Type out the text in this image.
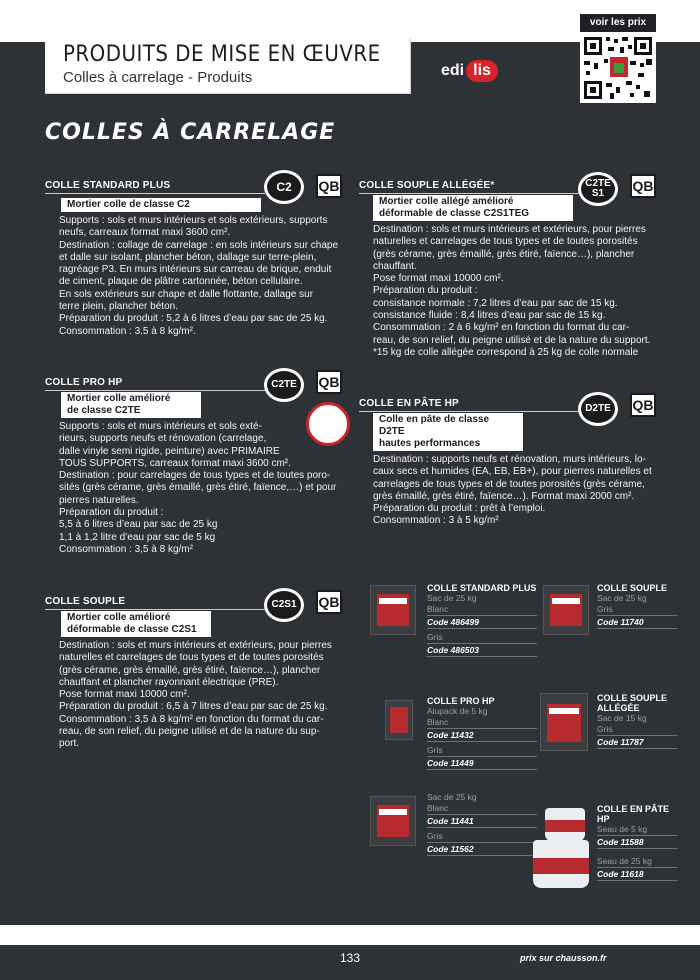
PRODUITS DE MISE EN ŒUVRE
Colles à carrelage - Produits	edi lis
voir les prix
COLLES À CARRELAGE
COLLE STANDARD PLUS
Mortier colle de classe C2

Supports : sols et murs intérieurs et sols extérieurs, supports

neufs, carreaux format maxi 3600 cm².

Destination : collage de carrelage : en sols intérieurs sur chape

et dalle sur isolant, plancher béton, dallage sur terre-plein,

ragréage P3. En murs intérieurs sur carreau de brique, enduit

de ciment, plaque de plâtre cartonnée, béton cellulaire.

En sols extérieurs sur chape et dalle flottante, dallage sur

terre plein, plancher béton.

Préparation du produit : 5,2 à 6 litres d’eau par sac de 25 kg.

Consommation : 3.5 à 8 kg/m².

C2	QB COLLE SOUPLE ALLÉGÉE*
Mortier colle allégé amélioré
déformable de classe C2S1TEG

Destination : sols et murs intérieurs et extérieurs, pour pierres

naturelles et carrelages de tous types et de toutes porosités

(grès cérame, grès émaillé, grès étiré, faïence…), plancher

chauffant.

Pose format maxi 10000 cm².

Préparation du produit :

consistance normale : 7,2 litres d’eau par sac de 15 kg.

consistance fluide : 8,4 litres d’eau par sac de 15 kg.

Consommation : 2 à 6 kg/m² en fonction du format du car-

reau, de son relief, du peigne utilisé et de la nature du support.

*15 kg de colle allégée correspond à 25 kg de colle normale

C2TE
S1 QB
COLLE PRO HP
Mortier colle amélioré
de classe C2TE

Supports : sols et murs intérieurs et sols exté-

rieurs, supports neufs et rénovation (carrelage,

dalle vinyle semi rigide, peinture) avec PRIMAIRE

TOUS SUPPORTS, carreaux format maxi 3600 cm².

Destination : pour carrelages de tous types et de toutes poro-

sités (grès cérame, grès émaillé, grès étiré, faïence,…) et pour

pierres naturelles.

Préparation du produit :

5,5 à 6 litres d’eau par sac de 25 kg

1,1 à 1,2 litre d’eau par sac de 5 kg

Consommation : 3,5 à 8 kg/m²

C2TE	QB
COLLE EN PÂTE HP
Colle en pâte de classe D2TE
hautes performances

Destination : supports neufs et rénovation, murs intérieurs, lo-

caux secs et humides (EA, EB, EB+), pour pierres naturelles et

carrelages de tous types et de toutes porosités (grès cérame,

grès émaillé, grès étiré, faïence…). Format maxi 2000 cm².

Préparation du produit : prêt à l’emploi.

Consommation : 3 à 5 kg/m²

D2TE	QB
COLLE SOUPLE
Mortier colle amélioré
déformable de classe C2S1

Destination : sols et murs intérieurs et extérieurs, pour pierres

naturelles et carrelages de tous types et de toutes porosités

(grès cérame, grès émaillé, grès étiré, faïence…), plancher

chauffant et plancher rayonnant électrique (PRE).

Pose format maxi 10000 cm².

Préparation du produit : 6,5 à 7 litres d’eau par sac de 25 kg.

Consommation : 3,5 à 8 kg/m² en fonction du format du car-

reau, de son relief, du peigne utilisé et de la nature du sup-

port.

C2S1	QB
COLLE STANDARD PLUS
Sac de 25 kg
Blanc
Code 486499
Gris
Code 486503
COLLE SOUPLE
Sac de 25 kg
Gris
Code 11740
COLLE PRO HP
Alupack de 5 kg
Blanc
Code 11432
Gris
Code 11449
COLLE SOUPLE
ALLÉGÉE
Sac de 15 kg
Gris
Code 11787
Sac de 25 kg
Blanc
Code 11441
Gris
Code 11562
COLLE EN PÂTE
HP
Seau de 5 kg
Code 11588
Seau de 25 kg
Code 11618
133	prix sur chausson.fr
